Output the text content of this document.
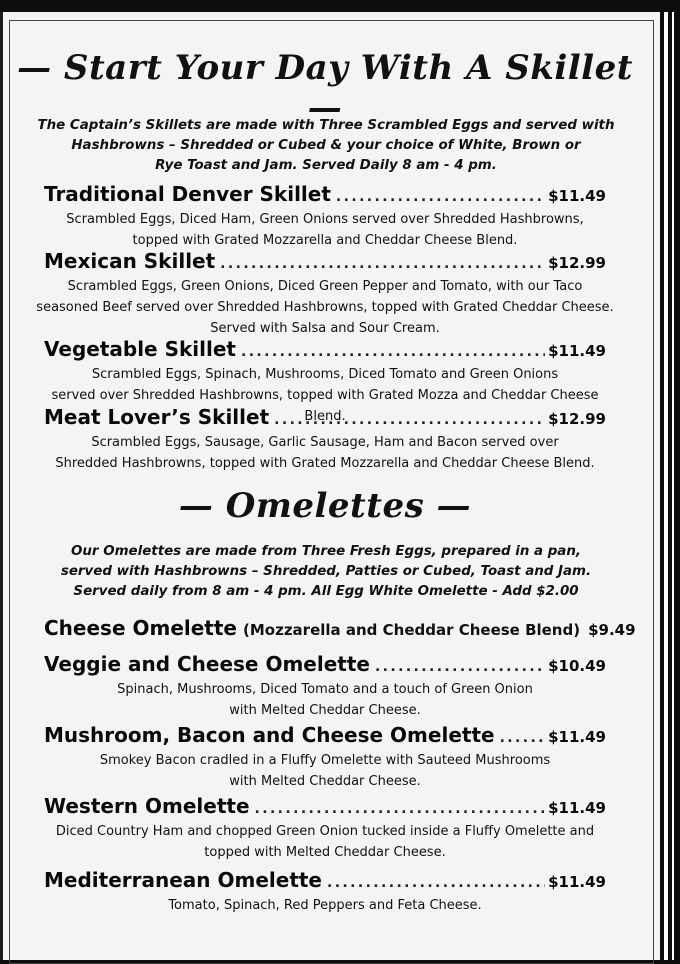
— Start Your Day With A Skillet —
The Captain’s Skillets are made with Three Scrambled Eggs and served with
Hashbrowns – Shredded or Cubed & your choice of White, Brown or
Rye Toast and Jam. Served Daily 8 am - 4 pm.
Traditional Denver Skillet .....	$11.49
Scrambled Eggs, Diced Ham, Green Onions served over Shredded Hashbrowns,
topped with Grated Mozzarella and Cheddar Cheese Blend.
Mexican Skillet .....	$12.99
Scrambled Eggs, Green Onions, Diced Green Pepper and Tomato, with our Taco
seasoned Beef served over Shredded Hashbrowns, topped with Grated Cheddar Cheese.
Served with Salsa and Sour Cream.
Vegetable Skillet .....	$11.49
Scrambled Eggs, Spinach, Mushrooms, Diced Tomato and Green Onions
served over Shredded Hashbrowns, topped with Grated Mozza and Cheddar Cheese Blend.
Meat Lover’s Skillet .....	$12.99
Scrambled Eggs, Sausage, Garlic Sausage, Ham and Bacon served over
Shredded Hashbrowns, topped with Grated Mozzarella and Cheddar Cheese Blend.
— Omelettes —
Our Omelettes are made from Three Fresh Eggs, prepared in a pan,
served with Hashbrowns – Shredded, Patties or Cubed, Toast and Jam.
Served daily from 8 am - 4 pm. All Egg White Omelette - Add $2.00
Cheese Omelette (Mozzarella and Cheddar Cheese Blend) $9.49
Veggie and Cheese Omelette .....	$10.49
Spinach, Mushrooms, Diced Tomato and a touch of Green Onion
with Melted Cheddar Cheese.
Mushroom, Bacon and Cheese Omelette .....	$11.49
Smokey Bacon cradled in a Fluffy Omelette with Sauteed Mushrooms
with Melted Cheddar Cheese.
Western Omelette .....	$11.49
Diced Country Ham and chopped Green Onion tucked inside a Fluffy Omelette and
topped with Melted Cheddar Cheese.
Mediterranean Omelette .....	$11.49
Tomato, Spinach, Red Peppers and Feta Cheese.
